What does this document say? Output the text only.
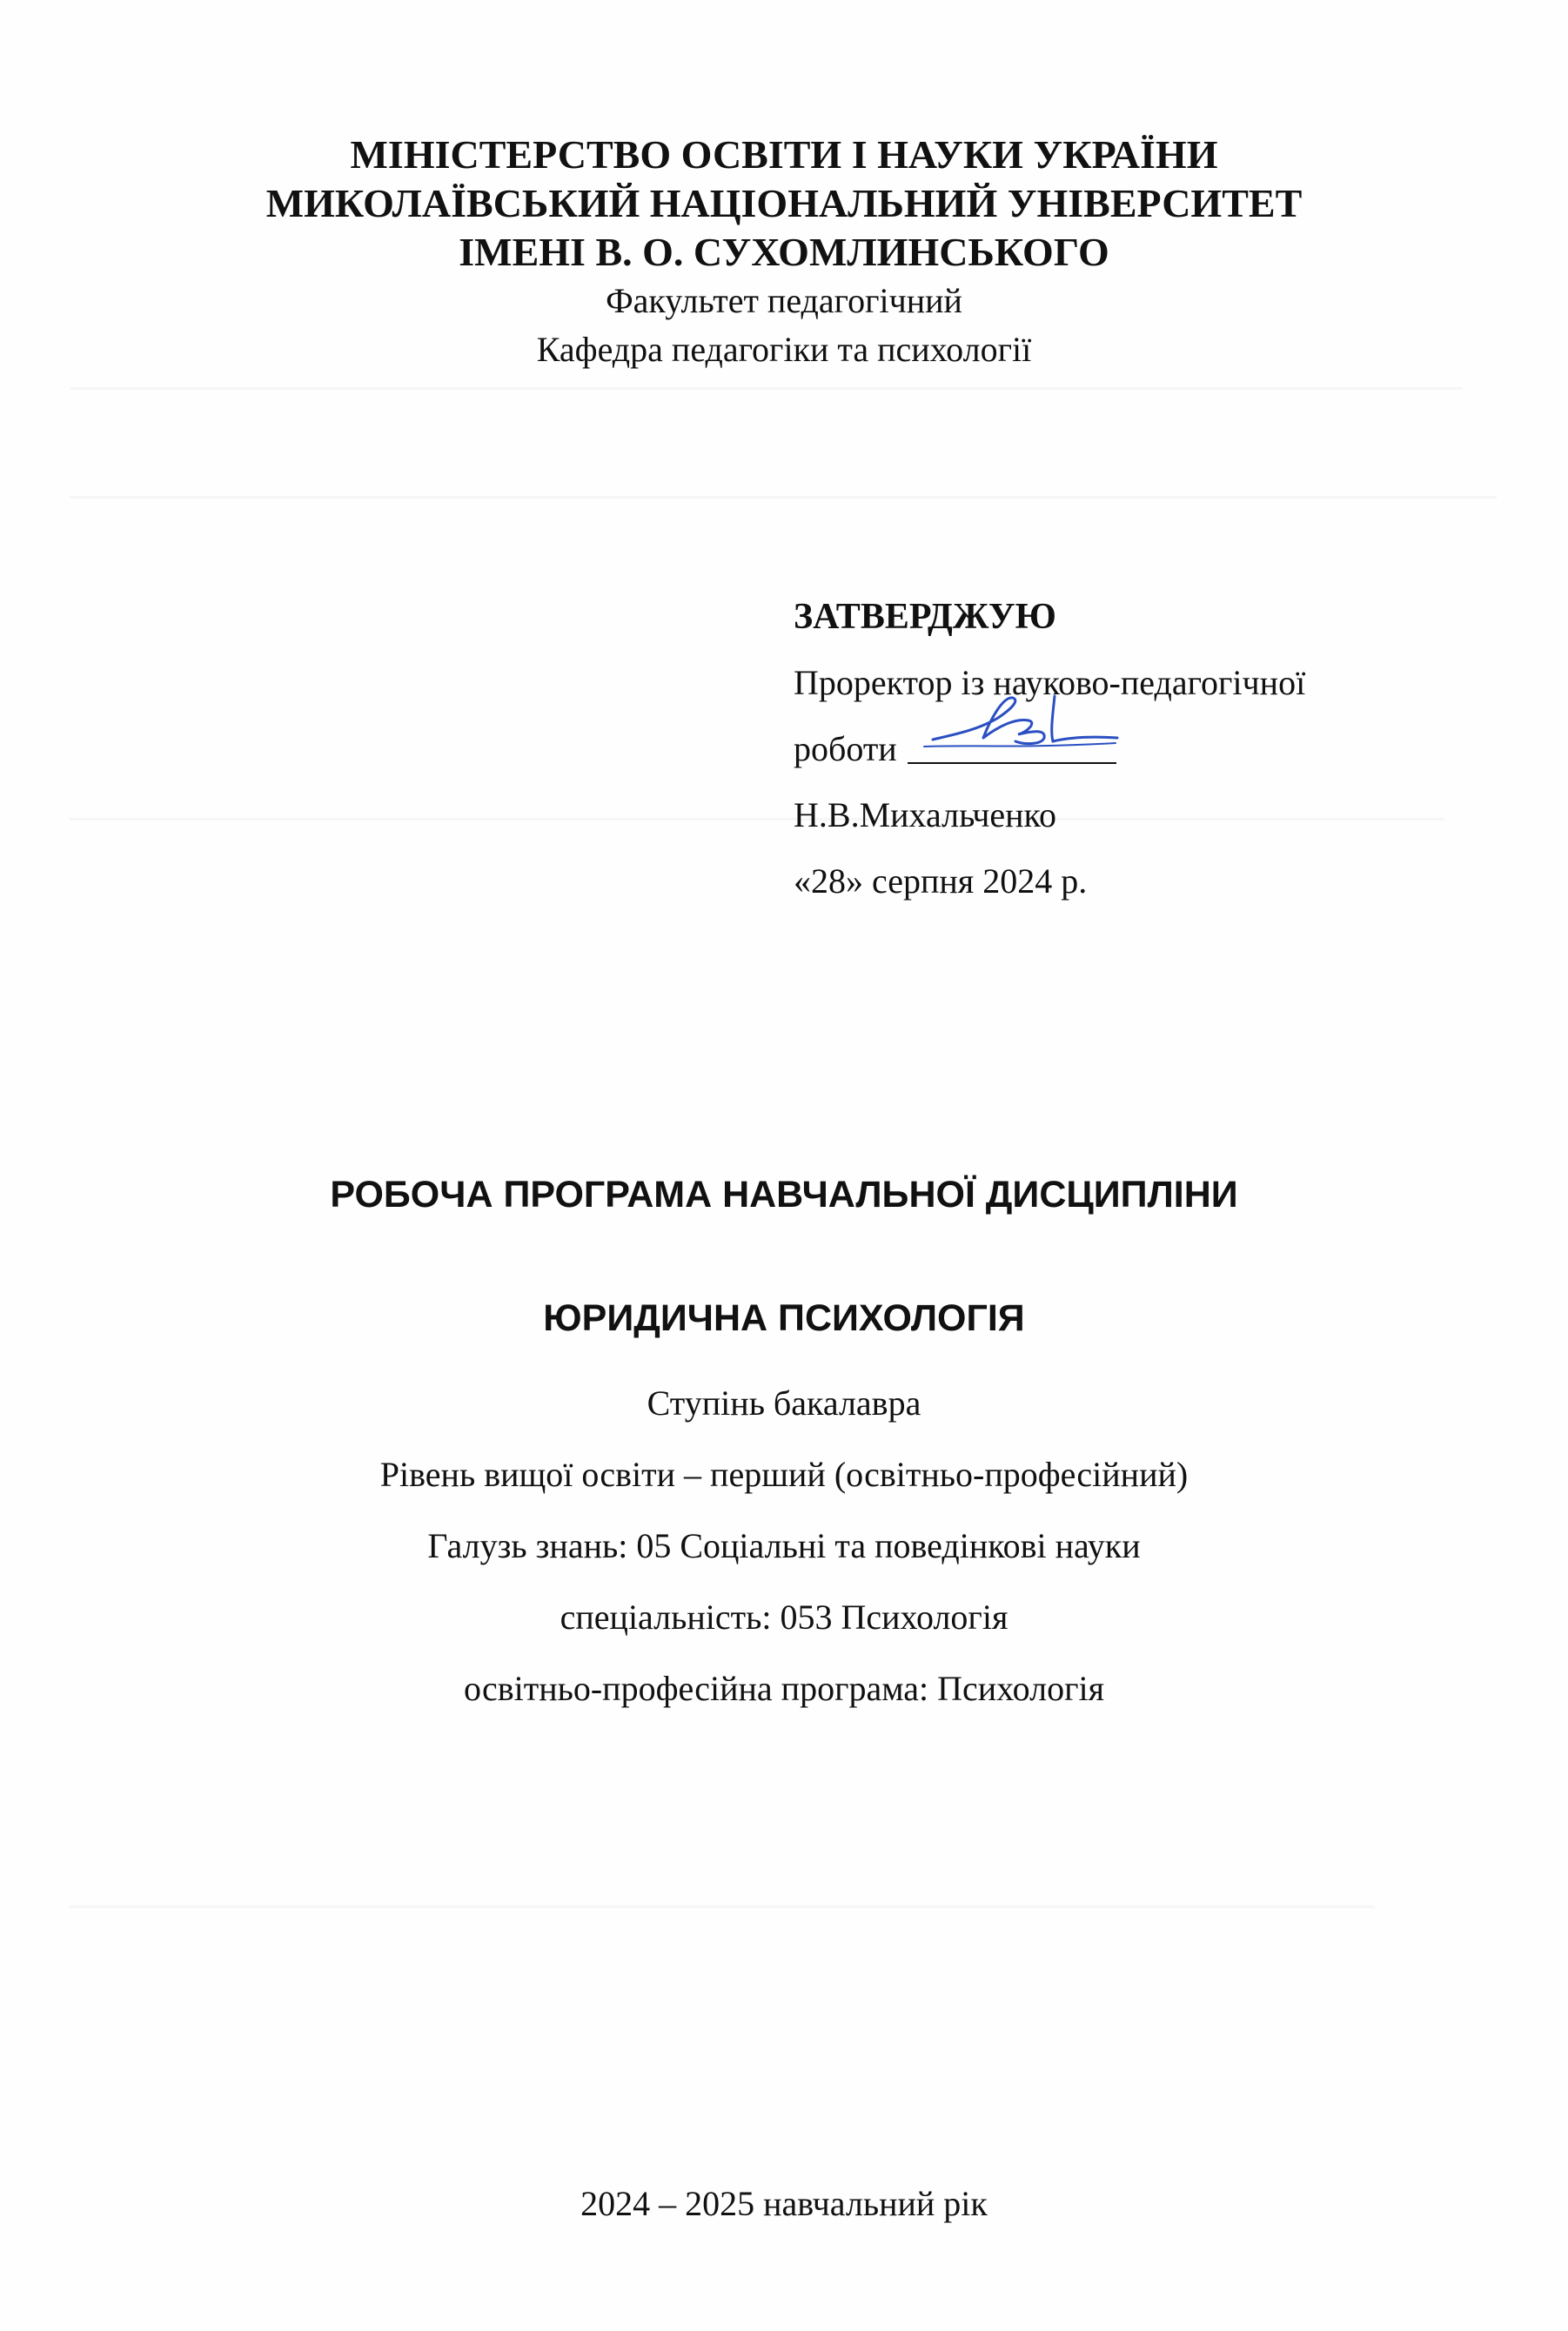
МІНІСТЕРСТВО ОСВІТИ І НАУКИ УКРАЇНИ

МИКОЛАЇВСЬКИЙ НАЦІОНАЛЬНИЙ УНІВЕРСИТЕТ

ІМЕНІ В. О. СУХОМЛИНСЬКОГО

Факультет педагогічний

Кафедра педагогіки та психології

ЗАТВЕРДЖУЮ

Проректор із науково-педагогічної

роботи

Н.В.Михальченко

«28» серпня 2024 р.

РОБОЧА ПРОГРАМА НАВЧАЛЬНОЇ ДИСЦИПЛІНИ

ЮРИДИЧНА ПСИХОЛОГІЯ

Ступінь бакалавра

Рівень вищої освіти – перший (освітньо-професійний)

Галузь знань: 05 Соціальні та поведінкові науки

спеціальність: 053 Психологія

освітньо-професійна програма: Психологія

2024 – 2025 навчальний рік
